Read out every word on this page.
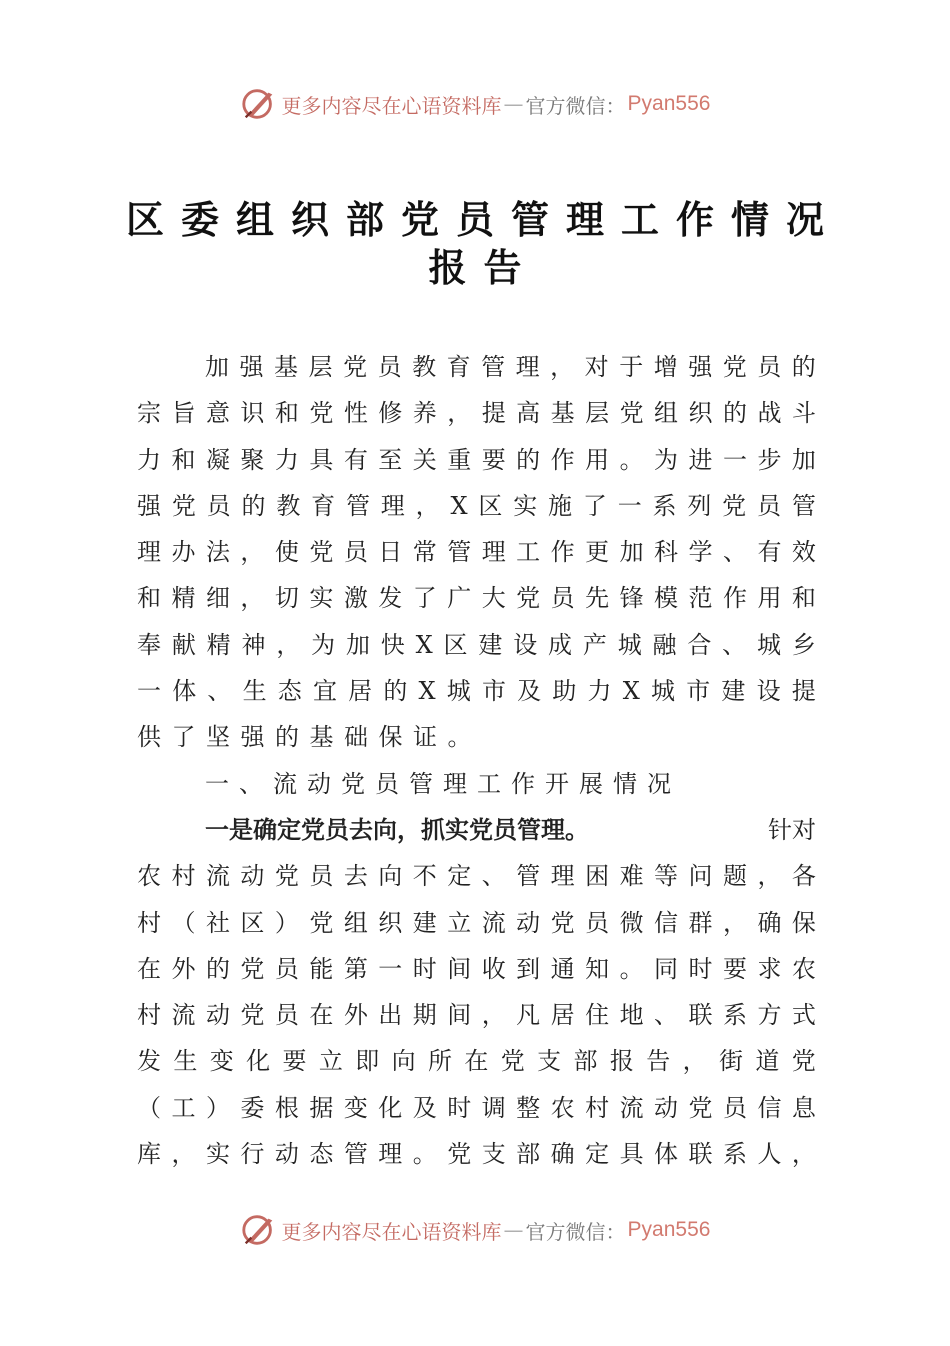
更多内容尽在心语资料库 — 官方微信： Pyan556
区委组织部党员管理工作情况
报告
加 强 基 层 党 员 教 育 管 理 ， 对 于 增 强 党 员 的
宗 旨 意 识 和 党 性 修 养 ， 提 高 基 层 党 组 织 的 战 斗
力 和 凝 聚 力 具 有 至 关 重 要 的 作 用 。 为 进 一 步 加
强 党 员 的 教 育 管 理 ， X 区 实 施 了 一 系 列 党 员 管
理 办 法 ， 使 党 员 日 常 管 理 工 作 更 加 科 学 、 有 效
和 精 细 ， 切 实 激 发 了 广 大 党 员 先 锋 模 范 作 用 和
奉 献 精 神 ， 为 加 快 X 区 建 设 成 产 城 融 合 、 城 乡
一 体 、 生 态 宜 居 的 X 城 市 及 助 力 X 城 市 建 设 提
供了坚强的基础保证。
一、流动党员管理工作开展情况
一是确定党员去向，抓实党员管理。	针对
农 村 流 动 党 员 去 向 不 定 、 管 理 困 难 等 问 题 ， 各
村 （ 社 区 ） 党 组 织 建 立 流 动 党 员 微 信 群 ， 确 保
在 外 的 党 员 能 第 一 时 间 收 到 通 知 。 同 时 要 求 农
村 流 动 党 员 在 外 出 期 间 ， 凡 居 住 地 、 联 系 方 式
发 生 变 化 要 立 即 向 所 在 党 支 部 报 告 ， 街 道 党
（ 工 ） 委 根 据 变 化 及 时 调 整 农 村 流 动 党 员 信 息
库 ， 实 行 动 态 管 理 。 党 支 部 确 定 具 体 联 系 人 ，
更多内容尽在心语资料库 — 官方微信： Pyan556
